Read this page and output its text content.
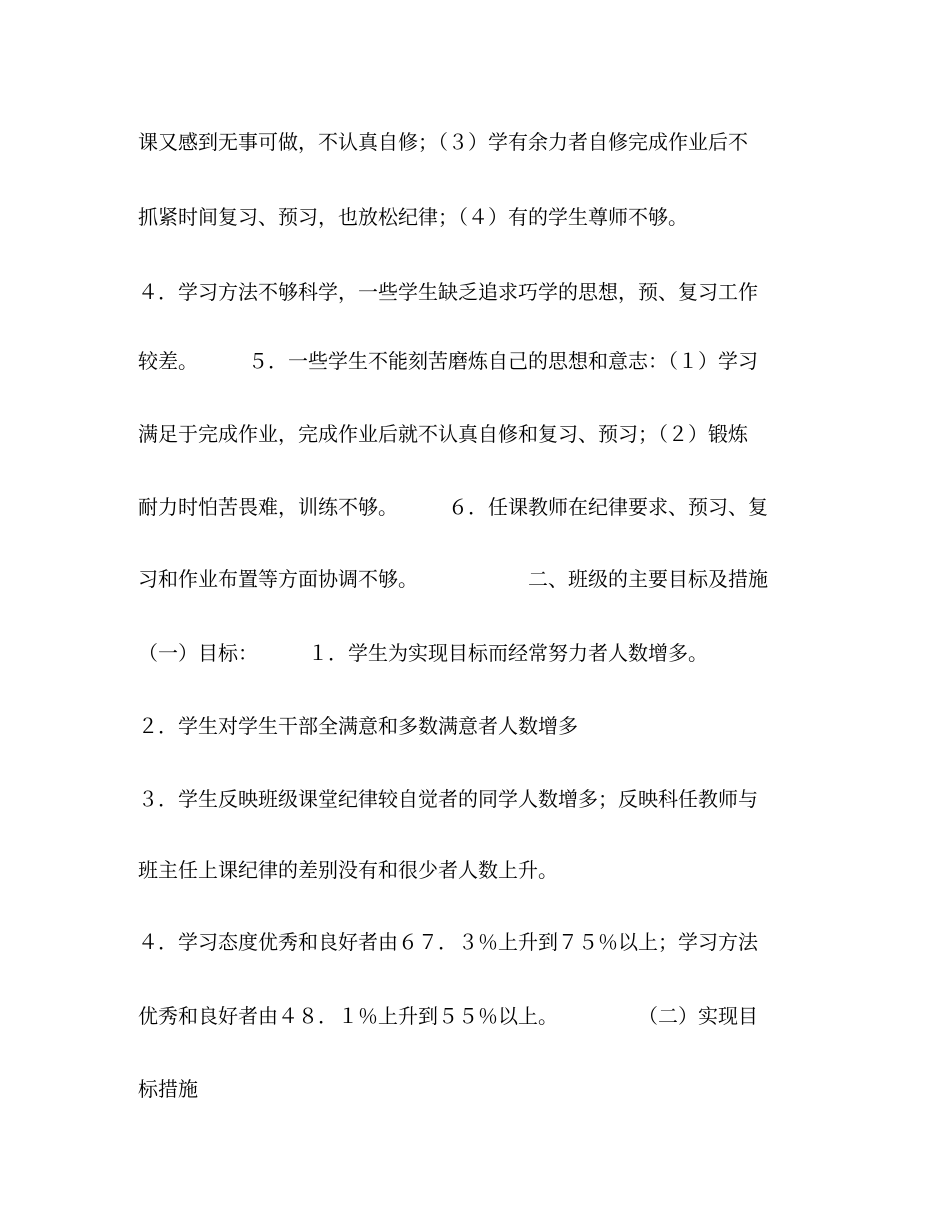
课又感到无事可做，不认真自修；（３）学有余力者自修完成作业后不
抓紧时间复习、预习，也放松纪律；（４）有的学生尊师不够。
４．学习方法不够科学，一些学生缺乏追求巧学的思想，预、复习工作
较差。　　　５．一些学生不能刻苦磨炼自己的思想和意志：（１）学习
满足于完成作业，完成作业后就不认真自修和复习、预习；（２）锻炼
耐力时怕苦畏难，训练不够。　　　６．任课教师在纪律要求、预习、复
习和作业布置等方面协调不够。　　　　　　二、班级的主要目标及措施
（一）目标：　　　１．学生为实现目标而经常努力者人数增多。
２．学生对学生干部全满意和多数满意者人数增多
３．学生反映班级课堂纪律较自觉者的同学人数增多；反映科任教师与
班主任上课纪律的差别没有和很少者人数上升。
４．学习态度优秀和良好者由６７．３％上升到７５％以上；学习方法
优秀和良好者由４８．１％上升到５５％以上。　　　　　（二）实现目
标措施
